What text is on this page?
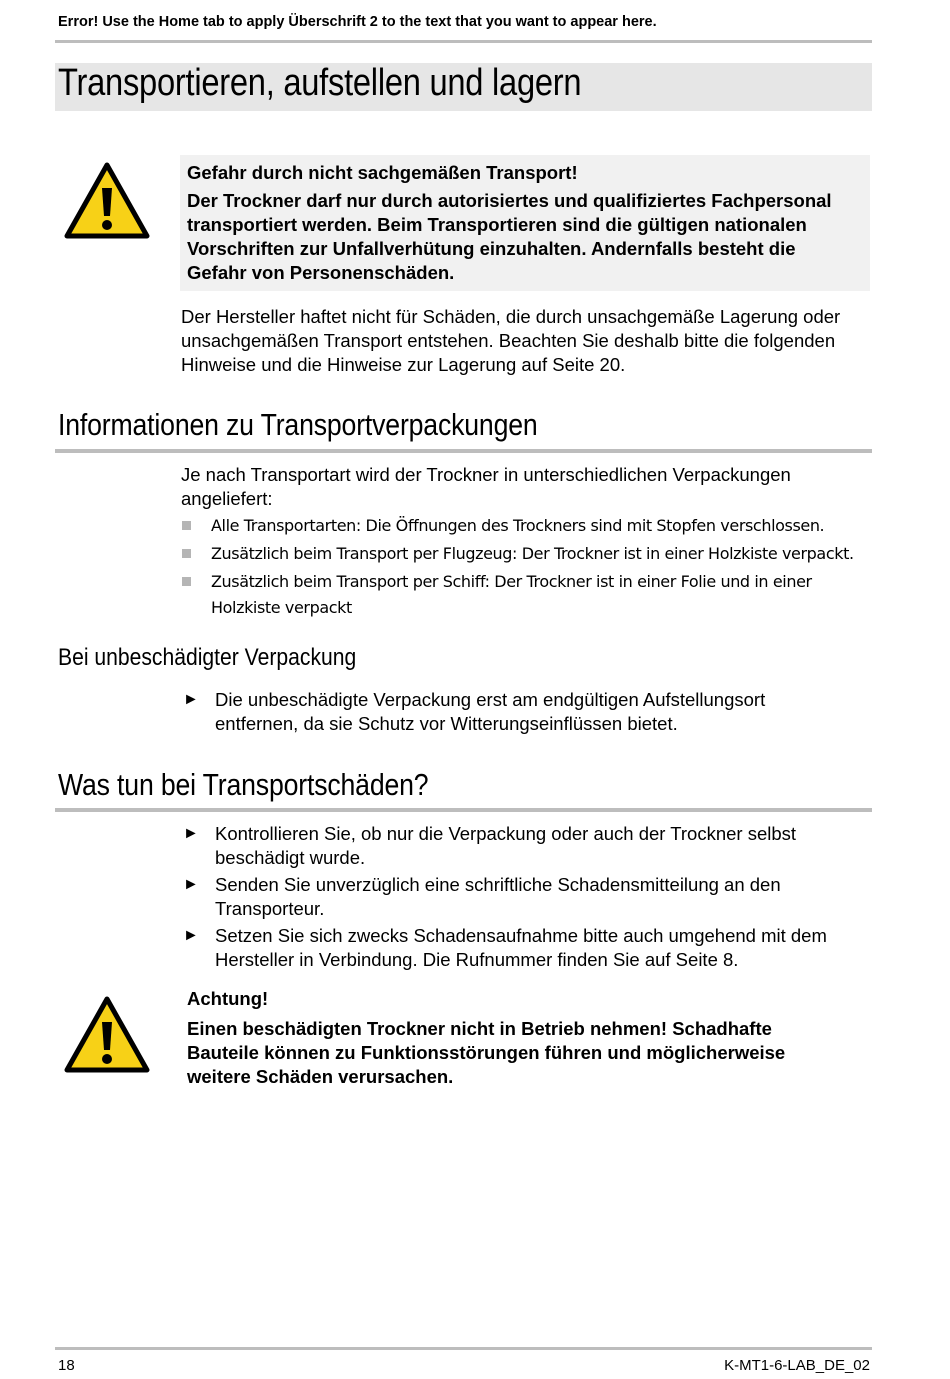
Error! Use the Home tab to apply Überschrift 2 to the text that you want to appear here.
Transportieren, aufstellen und lagern
Gefahr durch nicht sachgemäßen Transport!
Der Trockner darf nur durch autorisiertes und qualifiziertes Fachpersonal
transportiert werden. Beim Transportieren sind die gültigen nationalen
Vorschriften zur Unfallverhütung einzuhalten. Andernfalls besteht die
Gefahr von Personenschäden.
Der Hersteller haftet nicht für Schäden, die durch unsachgemäße Lagerung oder
unsachgemäßen Transport entstehen. Beachten Sie deshalb bitte die folgenden
Hinweise und die Hinweise zur Lagerung auf Seite 20.
Informationen zu Transportverpackungen
Je nach Transportart wird der Trockner in unterschiedlichen Verpackungen
angeliefert:
Alle Transportarten: Die Öffnungen des Trockners sind mit Stopfen verschlossen.
Zusätzlich beim Transport per Flugzeug: Der Trockner ist in einer Holzkiste verpackt.
Zusätzlich beim Transport per Schiff: Der Trockner ist in einer Folie und in einer Holzkiste verpackt
Bei unbeschädigter Verpackung
► Die unbeschädigte Verpackung erst am endgültigen Aufstellungsort entfernen, da sie Schutz vor Witterungseinflüssen bietet.
Was tun bei Transportschäden?
► Kontrollieren Sie, ob nur die Verpackung oder auch der Trockner selbst beschädigt wurde.
► Senden Sie unverzüglich eine schriftliche Schadensmitteilung an den Transporteur.
► Setzen Sie sich zwecks Schadensaufnahme bitte auch umgehend mit dem Hersteller in Verbindung. Die Rufnummer finden Sie auf Seite 8.
Achtung!
Einen beschädigten Trockner nicht in Betrieb nehmen! Schadhafte
Bauteile können zu Funktionsstörungen führen und möglicherweise
weitere Schäden verursachen.
18	K-MT1-6-LAB_DE_02
